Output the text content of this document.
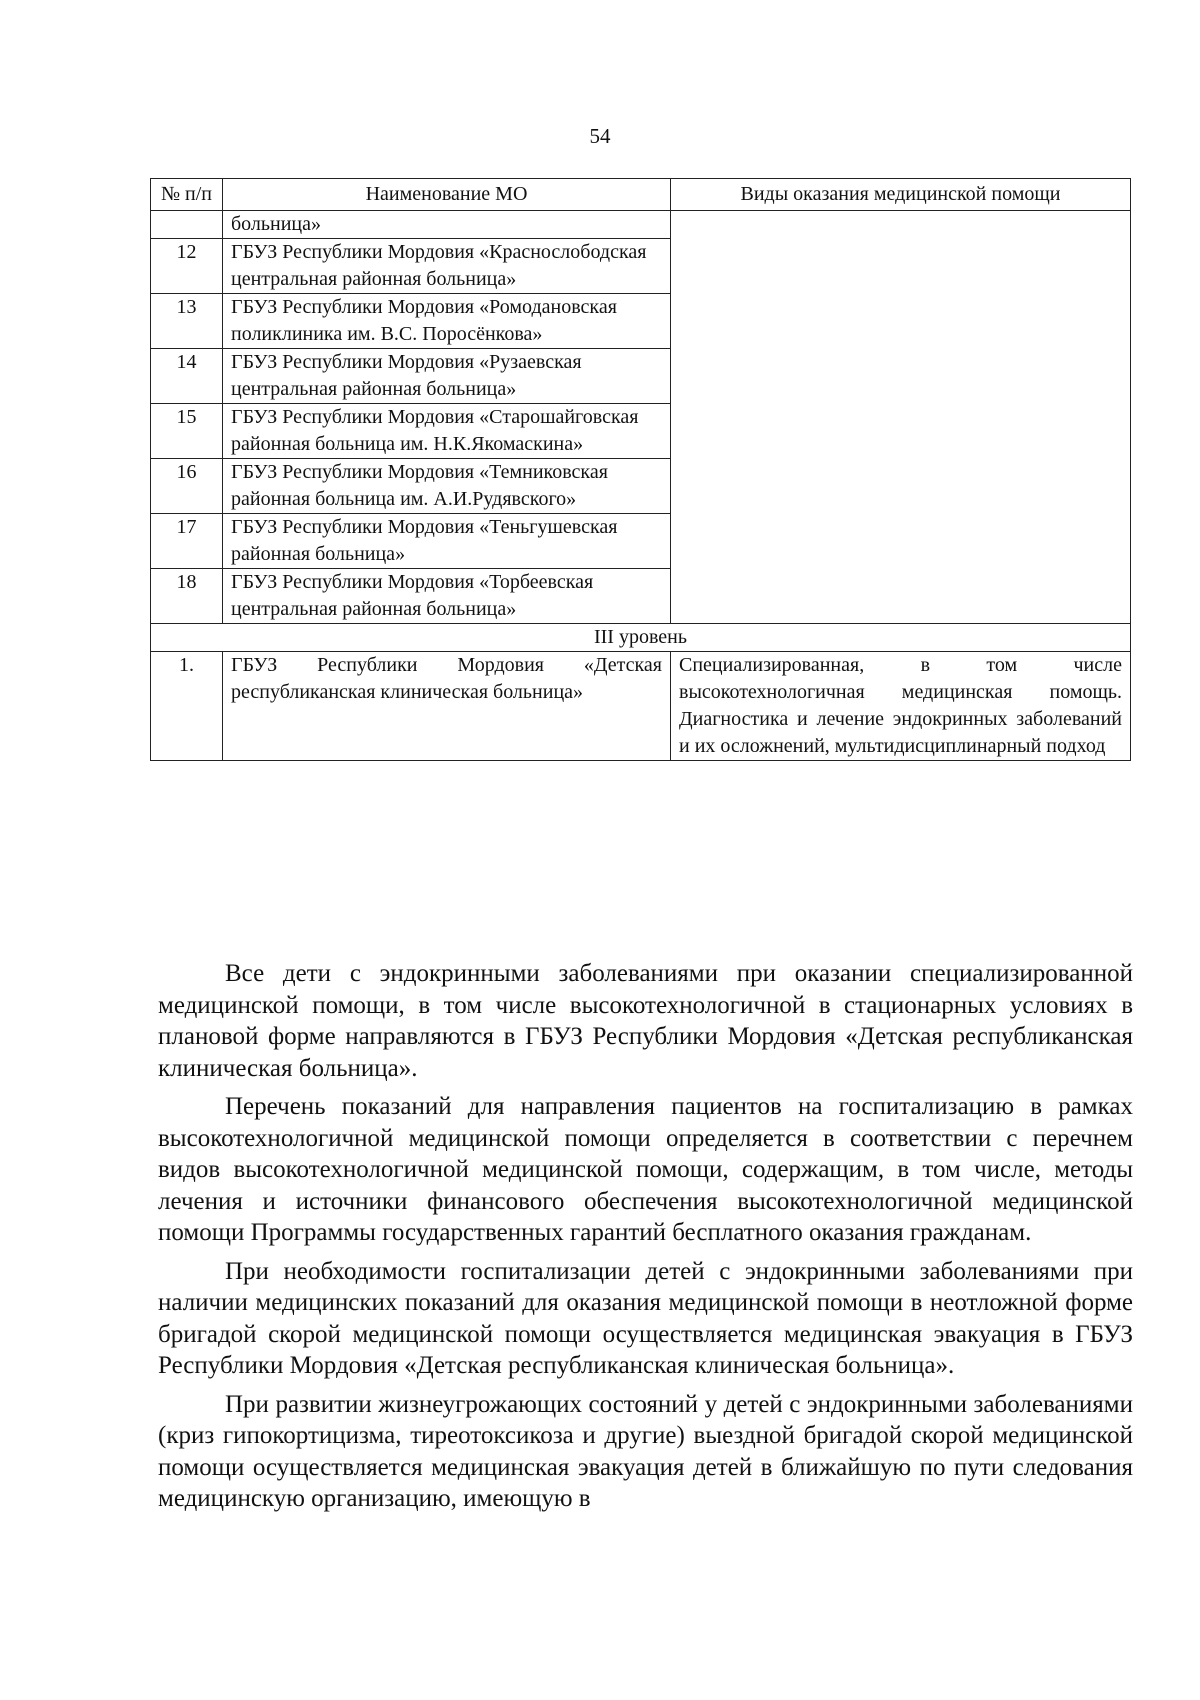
54
№ п/п	Наименование МО	Виды оказания медицинской помощи
	больница»	
12	ГБУЗ Республики Мордовия «Краснослободская центральная районная больница»	
13	ГБУЗ Республики Мордовия «Ромодановская поликлиника им. В.С. Поросёнкова»	
14	ГБУЗ Республики Мордовия «Рузаевская центральная районная больница»	
15	ГБУЗ Республики Мордовия «Старошайговская районная больница им. Н.К.Якомаскина»	
16	ГБУЗ Республики Мордовия «Темниковская районная больница им. А.И.Рудявского»	
17	ГБУЗ Республики Мордовия «Теньгушевская районная больница»	
18	ГБУЗ Республики Мордовия «Торбеевская центральная районная больница»	
III уровень		
1.	ГБУЗ Республики Мордовия «Детская республиканская клиническая больница»	Специализированная, в том числе высокотехнологичная медицинская помощь. Диагностика и лечение эндокринных заболеваний и их осложнений, мультидисциплинарный подход

Все дети с эндокринными заболеваниями при оказании специализированной медицинской помощи, в том числе высокотехнологичной в стационарных условиях в плановой форме направляются в ГБУЗ Республики Мордовия «Детская республиканская клиническая больница».

Перечень показаний для направления пациентов на госпитализацию в рамках высокотехнологичной медицинской помощи определяется в соответствии с перечнем видов высокотехнологичной медицинской помощи, содержащим, в том числе, методы лечения и источники финансового обеспечения высокотехнологичной медицинской помощи Программы государственных гарантий бесплатного оказания гражданам.

При необходимости госпитализации детей с эндокринными заболеваниями при наличии медицинских показаний для оказания медицинской помощи в неотложной форме бригадой скорой медицинской помощи осуществляется медицинская эвакуация в ГБУЗ Республики Мордовия «Детская республиканская клиническая больница».

При развитии жизнеугрожающих состояний у детей с эндокринными заболеваниями (криз гипокортицизма, тиреотоксикоза и другие) выездной бригадой скорой медицинской помощи осуществляется медицинская эвакуация детей в ближайшую по пути следования медицинскую организацию, имеющую в
